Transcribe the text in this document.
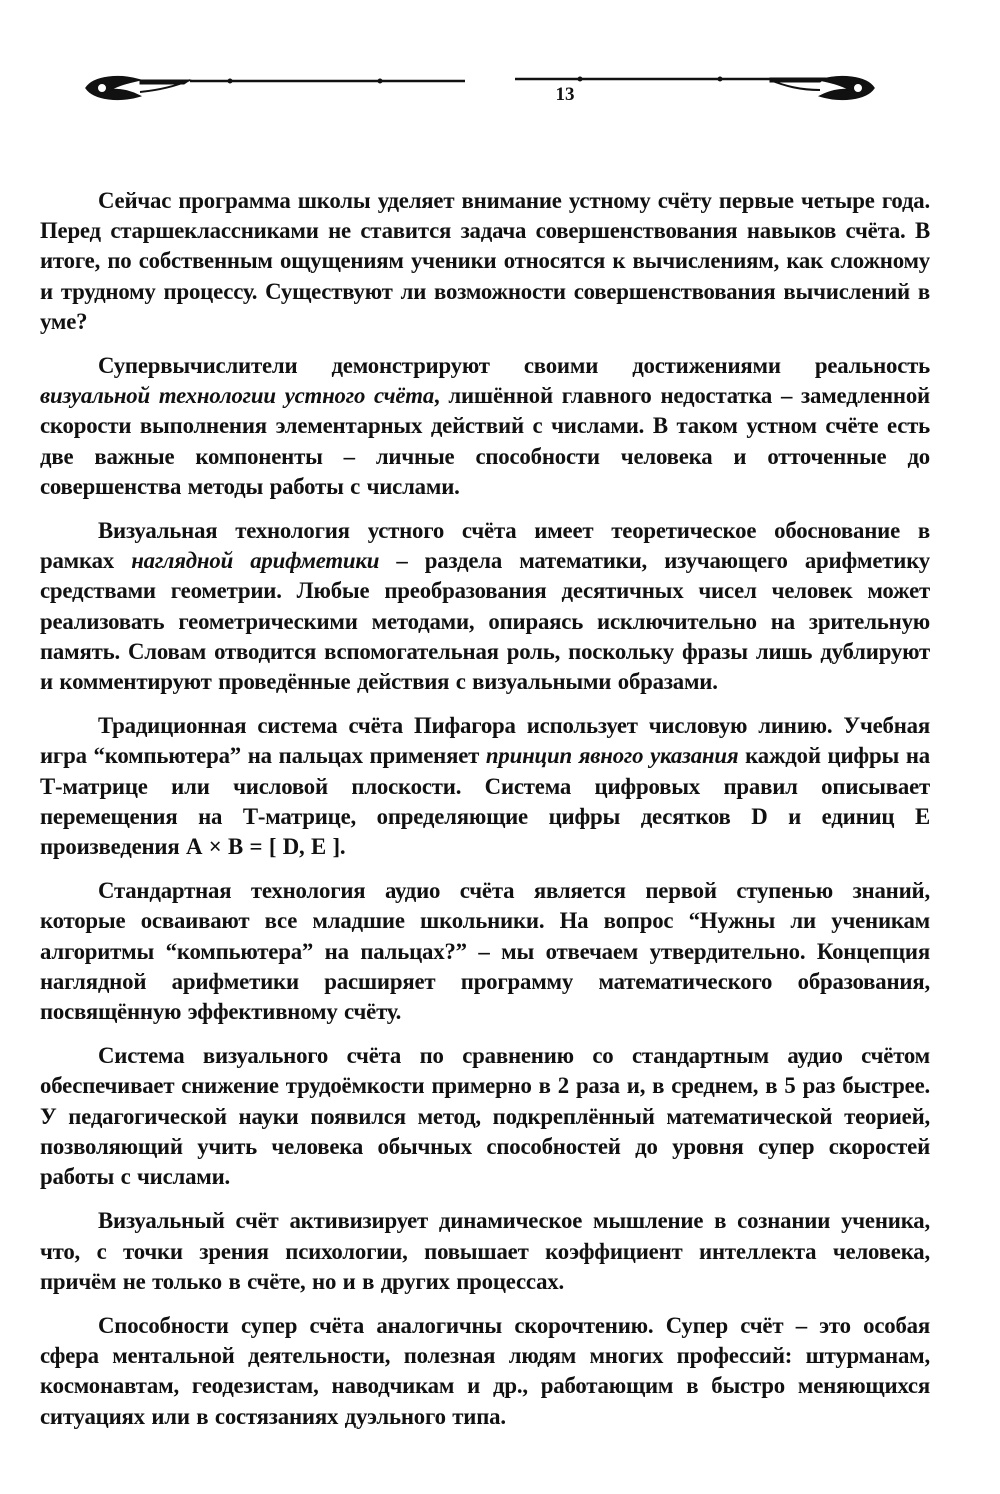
13

Сейчас программа школы уделяет внимание устному счёту первые четыре года. Перед старшеклассниками не ставится задача совершенствования навыков счёта. В итоге, по собственным ощущениям ученики относятся к вычислениям, как сложному и трудному процессу. Существуют ли возможности совершенствования вычислений в уме?

Супервычислители демонстрируют своими достижениями реальность визуальной технологии устного счёта, лишённой главного недостатка – замедленной скорости выполнения элементарных действий с числами. В таком устном счёте есть две важные компоненты – личные способности человека и отточенные до совершенства методы работы с числами.

Визуальная технология устного счёта имеет теоретическое обоснование в рамках наглядной арифметики – раздела математики, изучающего арифметику средствами геометрии. Любые преобразования десятичных чисел человек может реализовать геометрическими методами, опираясь исключительно на зрительную память. Словам отводится вспомогательная роль, поскольку фразы лишь дублируют и комментируют проведённые действия с визуальными образами.

Традиционная система счёта Пифагора использует числовую линию. Учебная игра “компьютера” на пальцах применяет принцип явного указания каждой цифры на Т-матрице или числовой плоскости. Система цифровых правил описывает перемещения на Т-матрице, определяющие цифры десятков D и единиц Е произведения А × В = [ D, Е ].

Стандартная технология аудио счёта является первой ступенью знаний, которые осваивают все младшие школьники. На вопрос “Нужны ли ученикам алгоритмы “компьютера” на пальцах?” – мы отвечаем утвердительно. Концепция наглядной арифметики расширяет программу математического образования, посвящённую эффективному счёту.

Система визуального счёта по сравнению со стандартным аудио счётом обеспечивает снижение трудоёмкости примерно в 2 раза и, в среднем, в 5 раз быстрее. У педагогической науки появился метод, подкреплённый математической теорией, позволяющий учить человека обычных способностей до уровня супер скоростей работы с числами.

Визуальный счёт активизирует динамическое мышление в сознании ученика, что, с точки зрения психологии, повышает коэффициент интеллекта человека, причём не только в счёте, но и в других процессах.

Способности супер счёта аналогичны скорочтению. Супер счёт – это особая сфера ментальной деятельности, полезная людям многих профессий: штурманам, космонавтам, геодезистам, наводчикам и др., работающим в быстро меняющихся ситуациях или в состязаниях дуэльного типа.
